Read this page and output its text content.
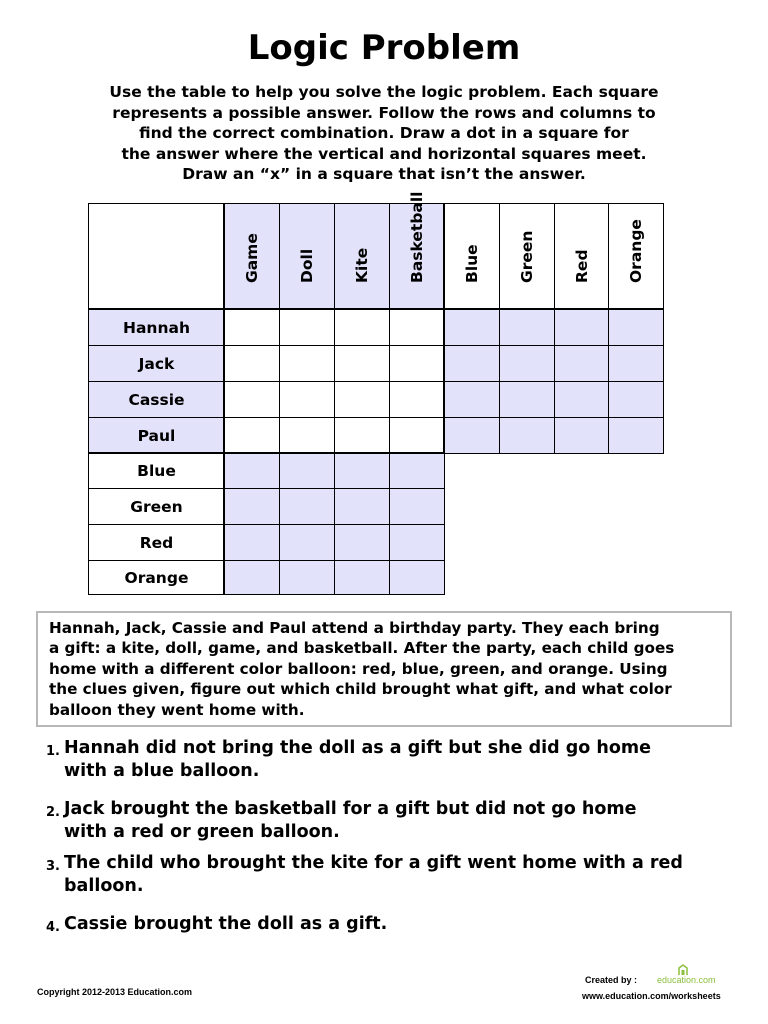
Logic Problem
Use the table to help you solve the logic problem. Each square
represents a possible answer. Follow the rows and columns to
find the correct combination. Draw a dot in a square for
the answer where the vertical and horizontal squares meet.
Draw an “x” in a square that isn’t the answer.
Game Doll Kite Basketball Blue Green Red Orange
Hannah
Jack
Cassie
Paul
Blue
Green
Red
Orange
Hannah, Jack, Cassie and Paul attend a birthday party. They each bring
a gift: a kite, doll, game, and basketball. After the party, each child goes
home with a different color balloon: red, blue, green, and orange. Using
the clues given, figure out which child brought what gift, and what color
balloon they went home with.
1. Hannah did not bring the doll as a gift but she did go home
with a blue balloon.
2. Jack brought the basketball for a gift but did not go home
with a red or green balloon.
3. The child who brought the kite for a gift went home with a red
balloon.
4. Cassie brought the doll as a gift.
Copyright 2012-2013 Education.com
Created by :
www.education.com/worksheets
education.com
